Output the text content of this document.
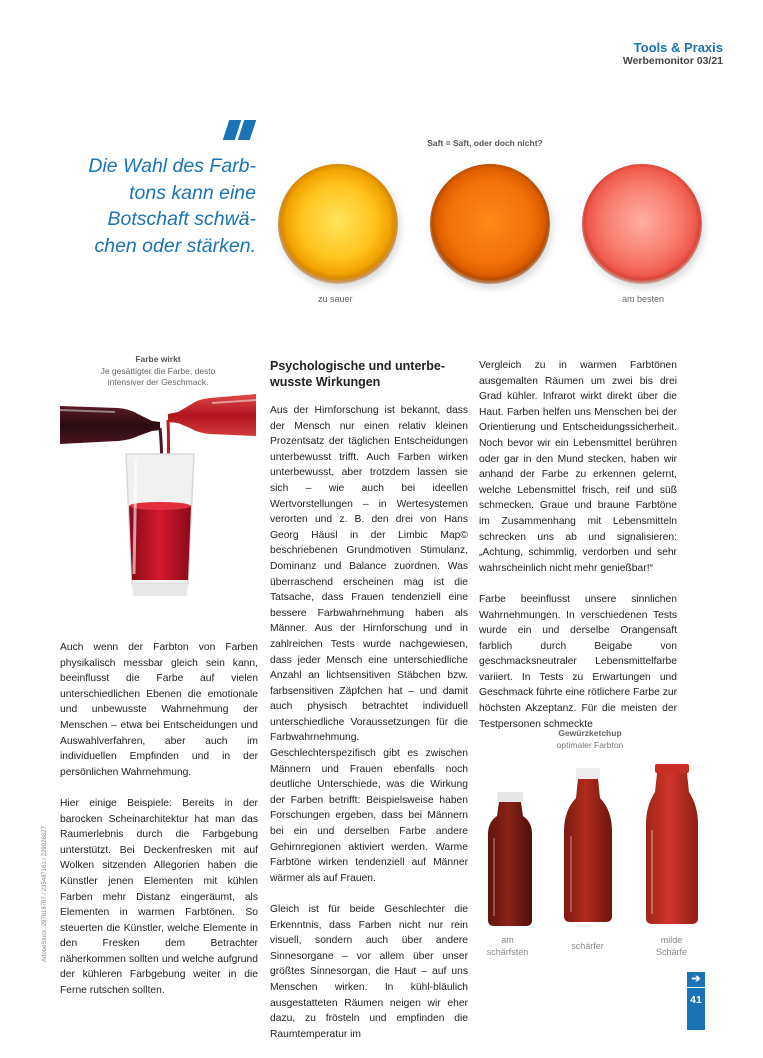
Tools & Praxis
Werbemonitor 03/21
Die Wahl des Farb-
tons kann eine
Botschaft schwä-
chen oder stärken.
Saft = Saft, oder doch nicht?
zu sauer	am besten
Farbe wirkt
Je gesättigter die Farbe, desto
intensiver der Geschmack.

Auch wenn der Farbton von Farben physikalisch messbar gleich sein kann, beeinflusst die Farbe auf vielen unterschiedlichen Ebenen die emotionale und unbewusste Wahrnehmung der Menschen – etwa bei Entscheidungen und Auswahlverfahren, aber auch im individuellen Empfinden und in der persönlichen Wahrnehmung.

Hier einige Beispiele: Bereits in der barocken Scheinarchitektur hat man das Raumerlebnis durch die Farbgebung unterstützt. Bei Deckenfresken mit auf Wolken sitzenden Allegorien haben die Künstler jenen Elementen mit kühlen Farben mehr Distanz eingeräumt, als Elementen in warmen Farbtönen. So steuerten die Künstler, welche Elemente in den Fresken dem Betrachter näherkommen sollten und welche aufgrund der kühleren Farbgebung weiter in die Ferne rutschen sollten.

Psychologische und unterbe-
wusste Wirkungen

Aus der Hirnforschung ist bekannt, dass der Mensch nur einen relativ kleinen Prozentsatz der täglichen Entscheidungen unterbewusst trifft. Auch Farben wirken unterbewusst, aber trotzdem lassen sie sich – wie auch bei ideellen Wertvorstellungen – in Wertesystemen verorten und z. B. den drei von Hans Georg Häusl in der Limbic Map© beschriebenen Grundmotiven Stimulanz, Dominanz und Balance zuordnen. Was überraschend erscheinen mag ist die Tatsache, dass Frauen tendenziell eine bessere Farbwahrnehmung haben als Männer. Aus der Hirnforschung und in zahlreichen Tests wurde nachgewiesen, dass jeder Mensch eine unterschiedliche Anzahl an lichtsensitiven Stäbchen bzw. farbsensitiven Zäpfchen hat – und damit auch physisch betrachtet individuell unterschiedliche Voraussetzungen für die Farbwahrnehmung. Geschlechterspezifisch gibt es zwischen Männern und Frauen ebenfalls noch deutliche Unterschiede, was die Wirkung der Farben betrifft: Beispielsweise haben Forschungen ergeben, dass bei Männern bei ein und derselben Farbe andere Gehirnregionen aktiviert werden. Warme Farbtöne wirken tendenziell auf Männer wärmer als auf Frauen.

Gleich ist für beide Geschlechter die Erkenntnis, dass Farben nicht nur rein visuell, sondern auch über andere Sinnesorgane – vor allem über unser größtes Sinnesorgan, die Haut – auf uns Menschen wirken. In kühl-bläulich ausgestatteten Räumen neigen wir eher dazu, zu frösteln und empfinden die Raumtemperatur im

Vergleich zu in warmen Farbtönen ausgemalten Räumen um zwei bis drei Grad kühler. Infrarot wirkt direkt über die Haut. Farben helfen uns Menschen bei der Orientierung und Entscheidungssicherheit. Noch bevor wir ein Lebensmittel berühren oder gar in den Mund stecken, haben wir anhand der Farbe zu erkennen gelernt, welche Lebensmittel frisch, reif und süß schmecken. Graue und braune Farbtöne im Zusammenhang mit Lebensmitteln schrecken uns ab und signalisieren: „Achtung, schimmlig, verdorben und sehr wahrscheinlich nicht mehr genießbar!“

Farbe beeinflusst unsere sinnlichen Wahrnehmungen. In verschiedenen Tests wurde ein und derselbe Orangensaft farblich durch Beigabe von geschmacksneutraler Lebensmittelfarbe variiert. In Tests zu Erwartungen und Geschmack führte eine rötlichere Farbe zur höchsten Akzeptanz. Für die meisten der Testpersonen schmeckte

AdobeStock: 297618787 / 235487161 / 229926027
Gewürzketchup
optimaler Farbton
am
schärfsten
schärfer
milde
Schärfe
➔
41
